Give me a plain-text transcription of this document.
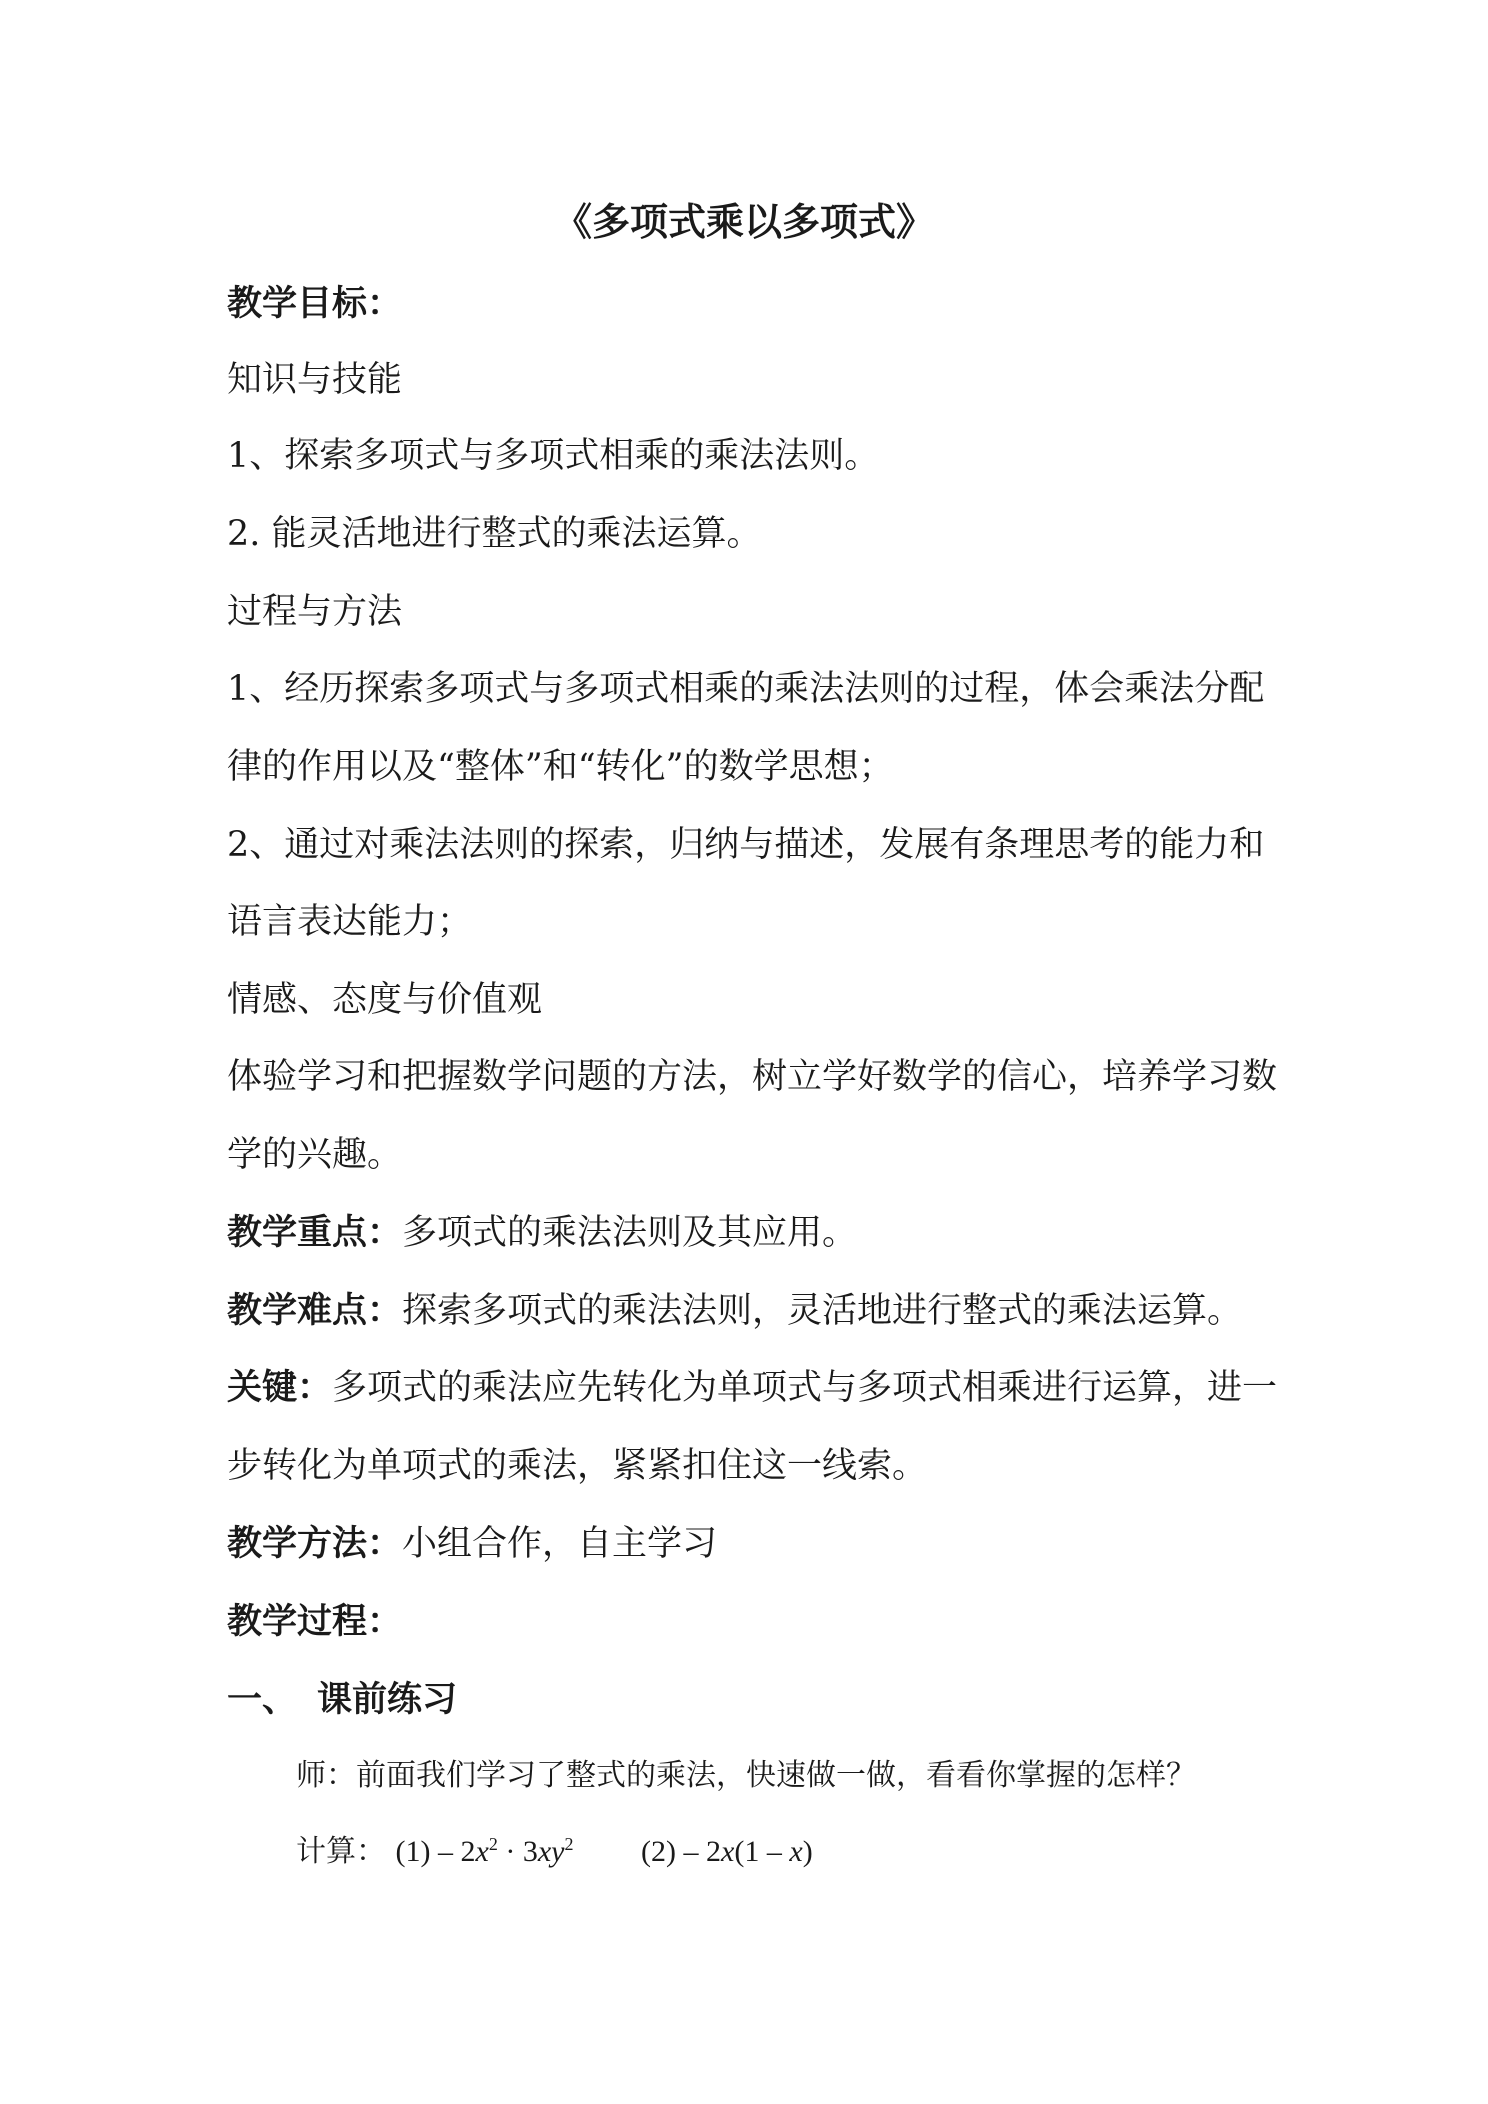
《多项式乘以多项式》
教学目标：
知识与技能
1、探索多项式与多项式相乘的乘法法则。
2. 能灵活地进行整式的乘法运算。
过程与方法
1、经历探索多项式与多项式相乘的乘法法则的过程，体会乘法分配
律的作用以及“整体”和“转化”的数学思想；
2、通过对乘法法则的探索，归纳与描述，发展有条理思考的能力和
语言表达能力；
情感、态度与价值观
体验学习和把握数学问题的方法，树立学好数学的信心，培养学习数
学的兴趣。
教学重点：多项式的乘法法则及其应用。
教学难点：探索多项式的乘法法则，灵活地进行整式的乘法运算。
关键：多项式的乘法应先转化为单项式与多项式相乘进行运算，进一
步转化为单项式的乘法，紧紧扣住这一线索。
教学方法：小组合作，自主学习
教学过程：
一、 课前练习
师：前面我们学习了整式的乘法，快速做一做，看看你掌握的怎样？
计算： $(1) - 2x^2 \cdot 3xy^2$ (2) – 2x(1 – x)
